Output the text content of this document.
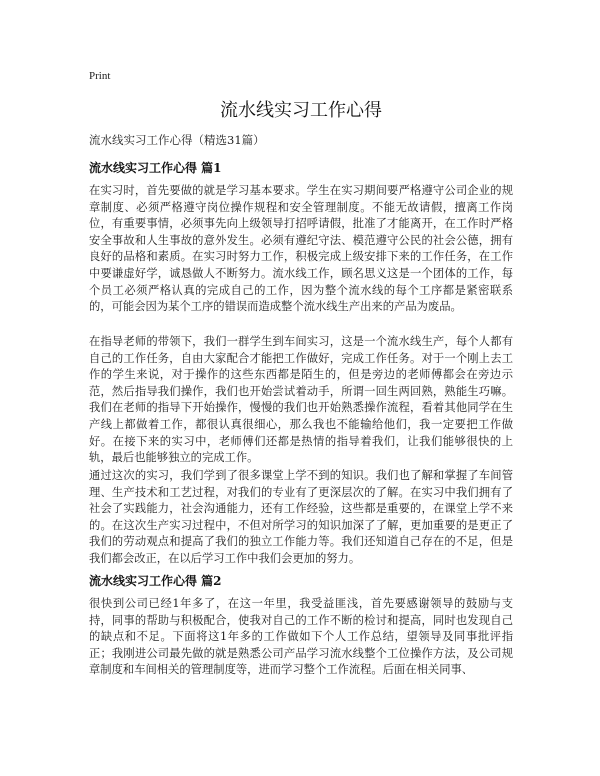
Print
流水线实习工作心得
流水线实习工作心得（精选31篇）
流水线实习工作心得 篇1

在实习时，首先要做的就是学习基本要求。学生在实习期间要严格遵守公司企业的规章制度、必须严格遵守岗位操作规程和安全管理制度。不能无故请假，擅离工作岗位，有重要事情，必须事先向上级领导打招呼请假，批准了才能离开，在工作时严格安全事故和人生事故的意外发生。必须有遵纪守法、模范遵守公民的社会公德，拥有良好的品格和素质。在实习时努力工作，积极完成上级安排下来的工作任务，在工作中要谦虚好学，诚恳做人不断努力。流水线工作，顾名思义这是一个团体的工作，每个员工必须严格认真的完成自己的工作，因为整个流水线的每个工序都是紧密联系的，可能会因为某个工序的错误而造成整个流水线生产出来的产品为废品。

在指导老师的带领下，我们一群学生到车间实习，这是一个流水线生产，每个人都有自己的工作任务，自由大家配合才能把工作做好，完成工作任务。对于一个刚上去工作的学生来说，对于操作的这些东西都是陌生的，但是旁边的老师傅都会在旁边示范，然后指导我们操作，我们也开始尝试着动手，所谓一回生两回熟，熟能生巧嘛。我们在老师的指导下开始操作，慢慢的我们也开始熟悉操作流程，看着其他同学在生产线上都做着工作，都很认真很细心，那么我也不能输给他们，我一定要把工作做好。在接下来的实习中，老师傅们还都是热情的指导着我们，让我们能够很快的上轨，最后也能够独立的完成工作。

通过这次的实习，我们学到了很多课堂上学不到的知识。我们也了解和掌握了车间管理、生产技术和工艺过程，对我们的专业有了更深层次的了解。在实习中我们拥有了社会了实践能力，社会沟通能力，还有工作经验，这些都是重要的，在课堂上学不来的。在这次生产实习过程中，不但对所学习的知识加深了了解，更加重要的是更正了我们的劳动观点和提高了我们的独立工作能力等。我们还知道自己存在的不足，但是我们都会改正，在以后学习工作中我们会更加的努力。

流水线实习工作心得 篇2

很快到公司已经1年多了，在这一年里，我受益匪浅，首先要感谢领导的鼓励与支持，同事的帮助与积极配合，使我对自己的工作不断的检讨和提高，同时也发现自己的缺点和不足。下面将这1年多的工作做如下个人工作总结，望领导及同事批评指正；我刚进公司最先做的就是熟悉公司产品学习流水线整个工位操作方法，及公司规章制度和车间相关的管理制度等，进而学习整个工作流程。后面在相关同事、
